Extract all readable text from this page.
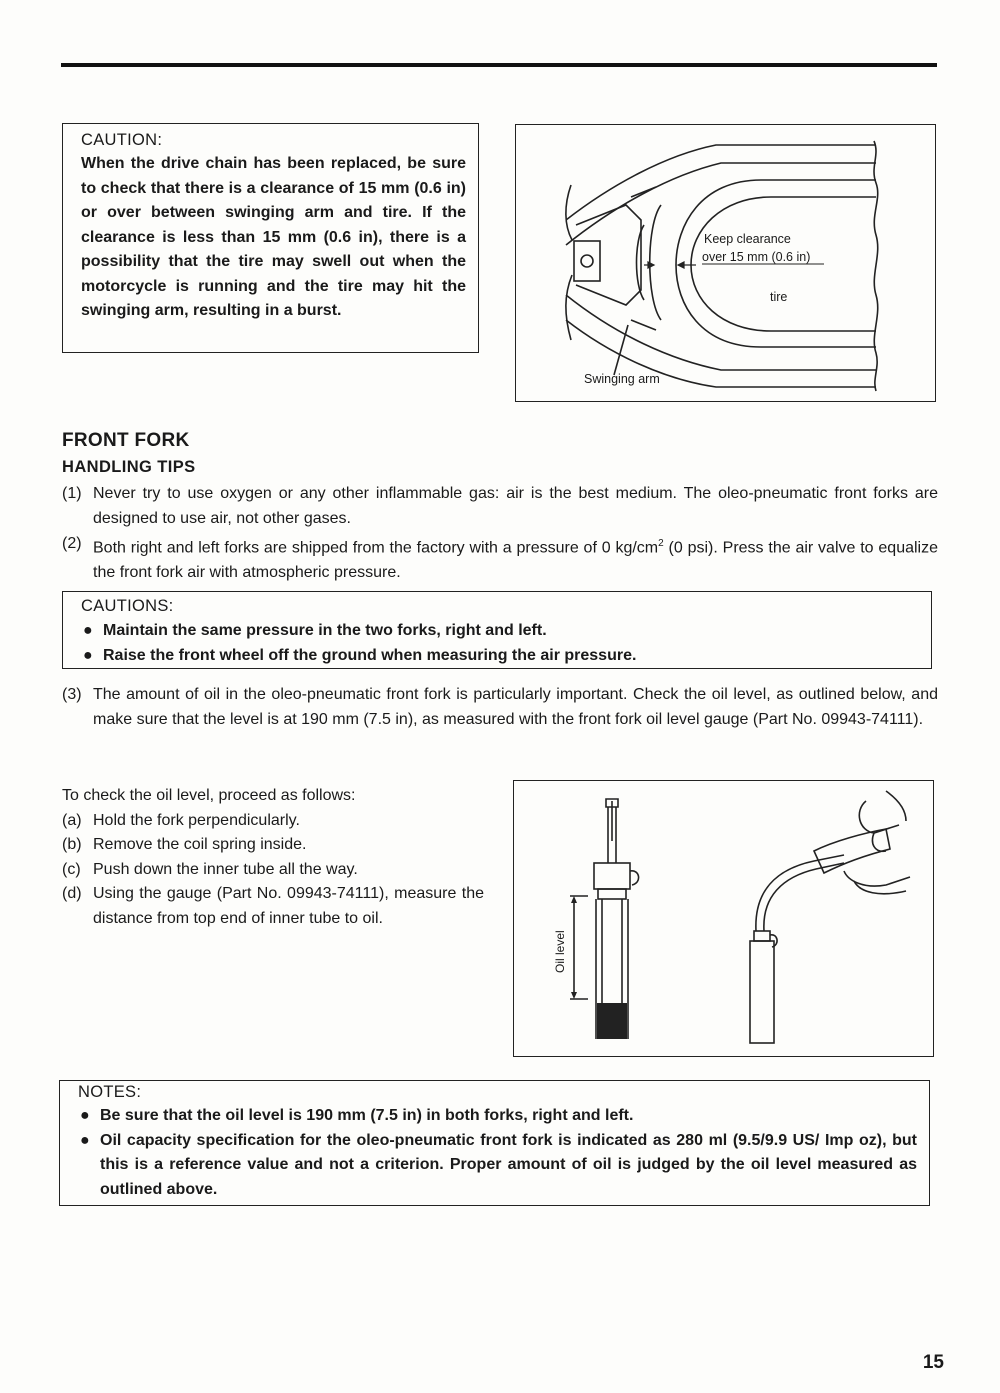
CAUTION:
When the drive chain has been replaced, be sure to check that there is a clearance of 15 mm (0.6 in) or over between swinging arm and tire. If the clearance is less than 15 mm (0.6 in), there is a possibility that the tire may swell out when the motorcycle is running and the tire may hit the swinging arm, resulting in a burst.
Keep clearance
over 15 mm (0.6 in)
tire
Swinging arm
FRONT FORK
HANDLING TIPS
(1) Never try to use oxygen or any other inflammable gas: air is the best medium. The oleo-pneumatic front forks are designed to use air, not other gases.
(2) Both right and left forks are shipped from the factory with a pressure of 0 $kg/cm^2$ (0 psi). Press the air valve to equalize the front fork air with atmospheric pressure.
CAUTIONS:
● Maintain the same pressure in the two forks, right and left.
● Raise the front wheel off the ground when measuring the air pressure.
(3) The amount of oil in the oleo-pneumatic front fork is particularly important. Check the oil level, as outlined below, and make sure that the level is at 190 mm (7.5 in), as measured with the front fork oil level gauge (Part No. 09943-74111).
To check the oil level, proceed as follows:
(a) Hold the fork perpendicularly.
(b) Remove the coil spring inside.
(c) Push down the inner tube all the way.
(d) Using the gauge (Part No. 09943-74111), measure the distance from top end of inner tube to oil.
Oil level
NOTES:
● Be sure that the oil level is 190 mm (7.5 in) in both forks, right and left.
● Oil capacity specification for the oleo-pneumatic front fork is indicated as 280 ml (9.5/9.9 US/ Imp oz), but this is a reference value and not a criterion. Proper amount of oil is judged by the oil level measured as outlined above.
15
